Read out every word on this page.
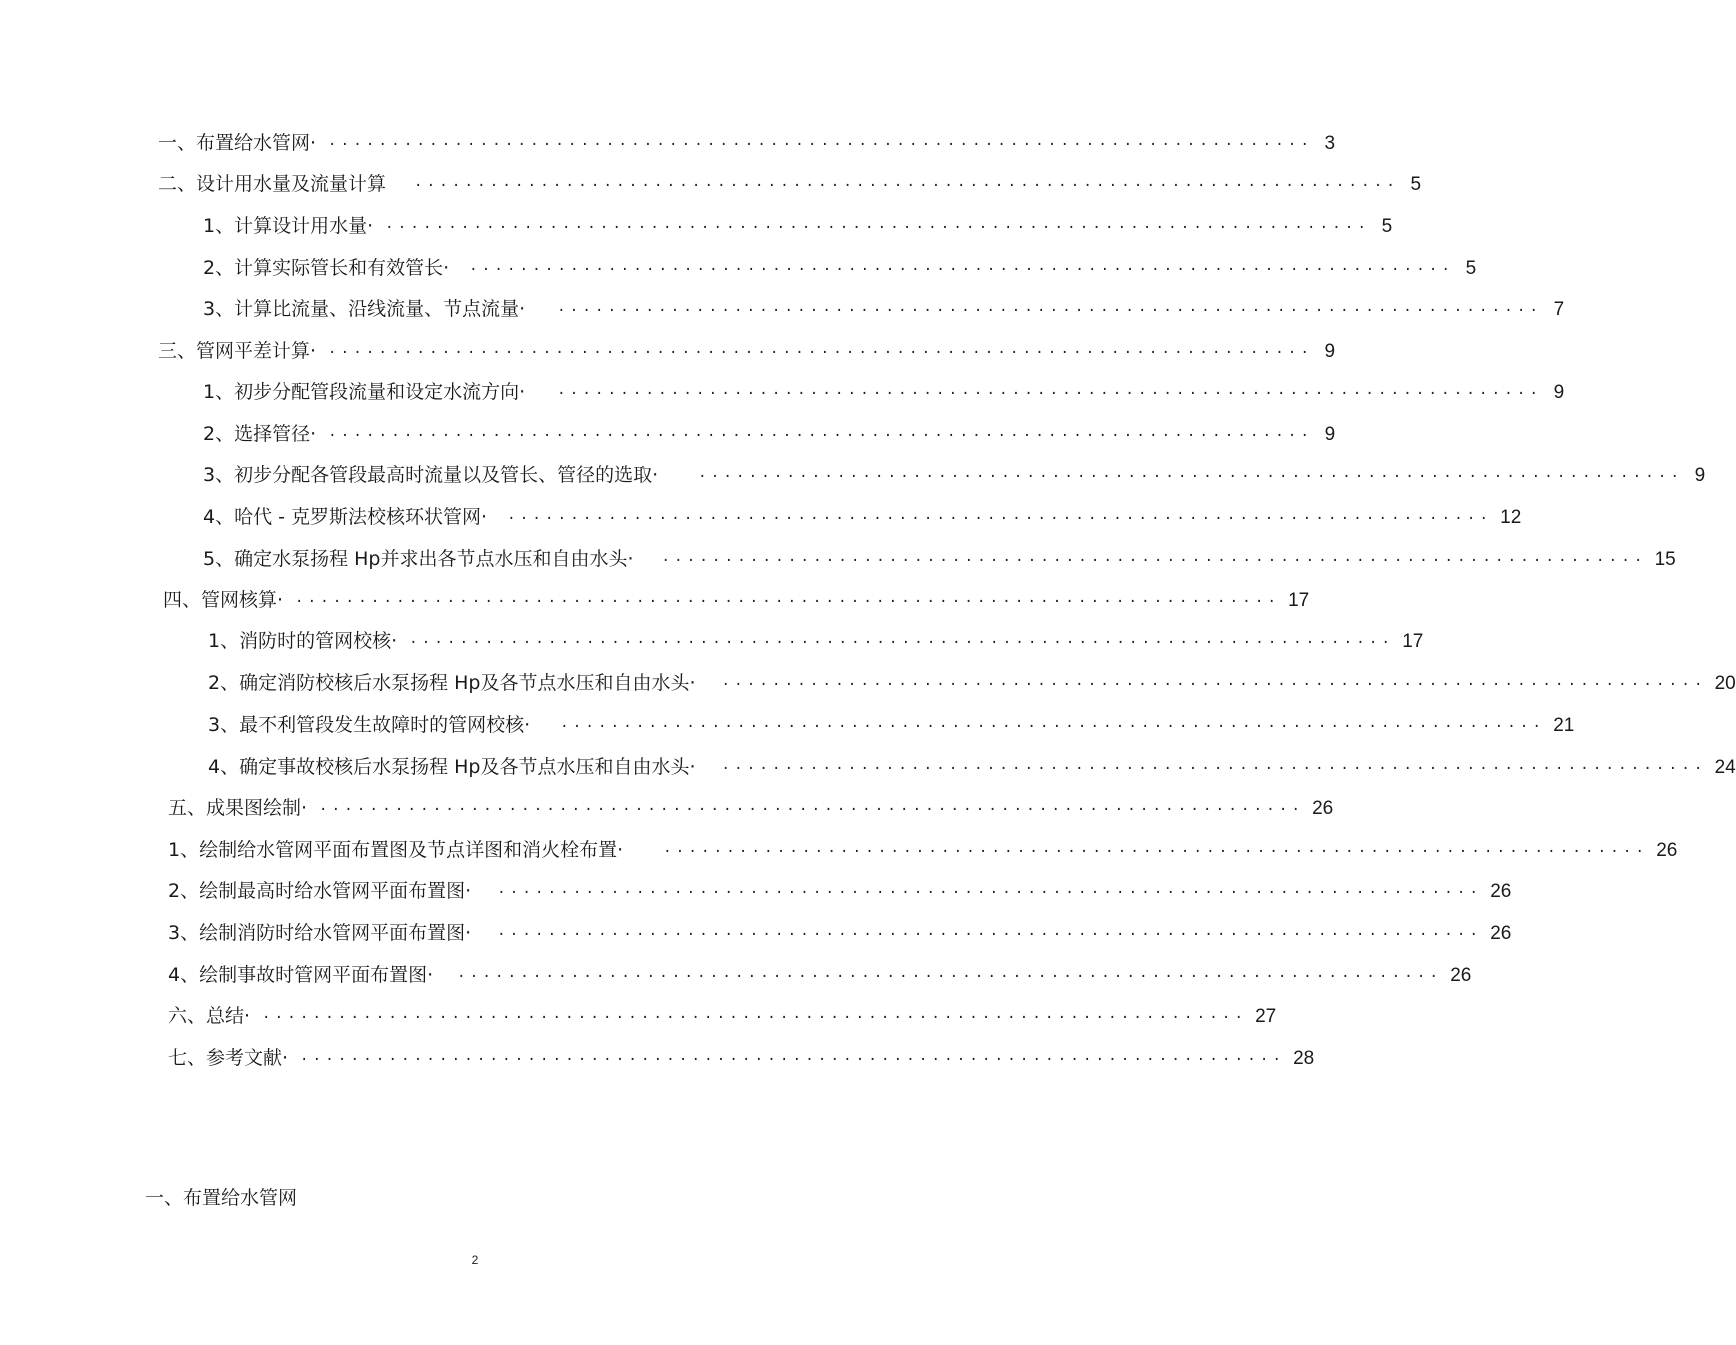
一、布置给水管网· ·············································································· 3
二、设计用水量及流量计算 ·············································································· 5
1、计算设计用水量· ·············································································· 5
2、计算实际管长和有效管长· ·············································································· 5
3、计算比流量、沿线流量、节点流量· ·············································································· 7
三、管网平差计算· ·············································································· 9
1、初步分配管段流量和设定水流方向· ·············································································· 9
2、选择管径· ·············································································· 9
3、初步分配各管段最高时流量以及管长、管径的选取·	·············································································· 9
4、哈代 - 克罗斯法校核环状管网· ·············································································· 12
5、确定水泵扬程 Hp并求出各节点水压和自由水头· ·············································································· 15
四、管网核算· ·············································································· 17
1、消防时的管网校核· ·············································································· 17
2、确定消防校核后水泵扬程 Hp及各节点水压和自由水头· ·············································································· 20
3、最不利管段发生故障时的管网校核· ·············································································· 21
4、确定事故校核后水泵扬程 Hp及各节点水压和自由水头· ·············································································· 24
五、成果图绘制· ·············································································· 26
1、绘制给水管网平面布置图及节点详图和消火栓布置·	·············································································· 26
2、绘制最高时给水管网平面布置图· ·············································································· 26
3、绘制消防时给水管网平面布置图· ·············································································· 26
4、绘制事故时管网平面布置图· ·············································································· 26
六、总结· ·············································································· 27
七、参考文献· ·············································································· 28
一、布置给水管网
2
